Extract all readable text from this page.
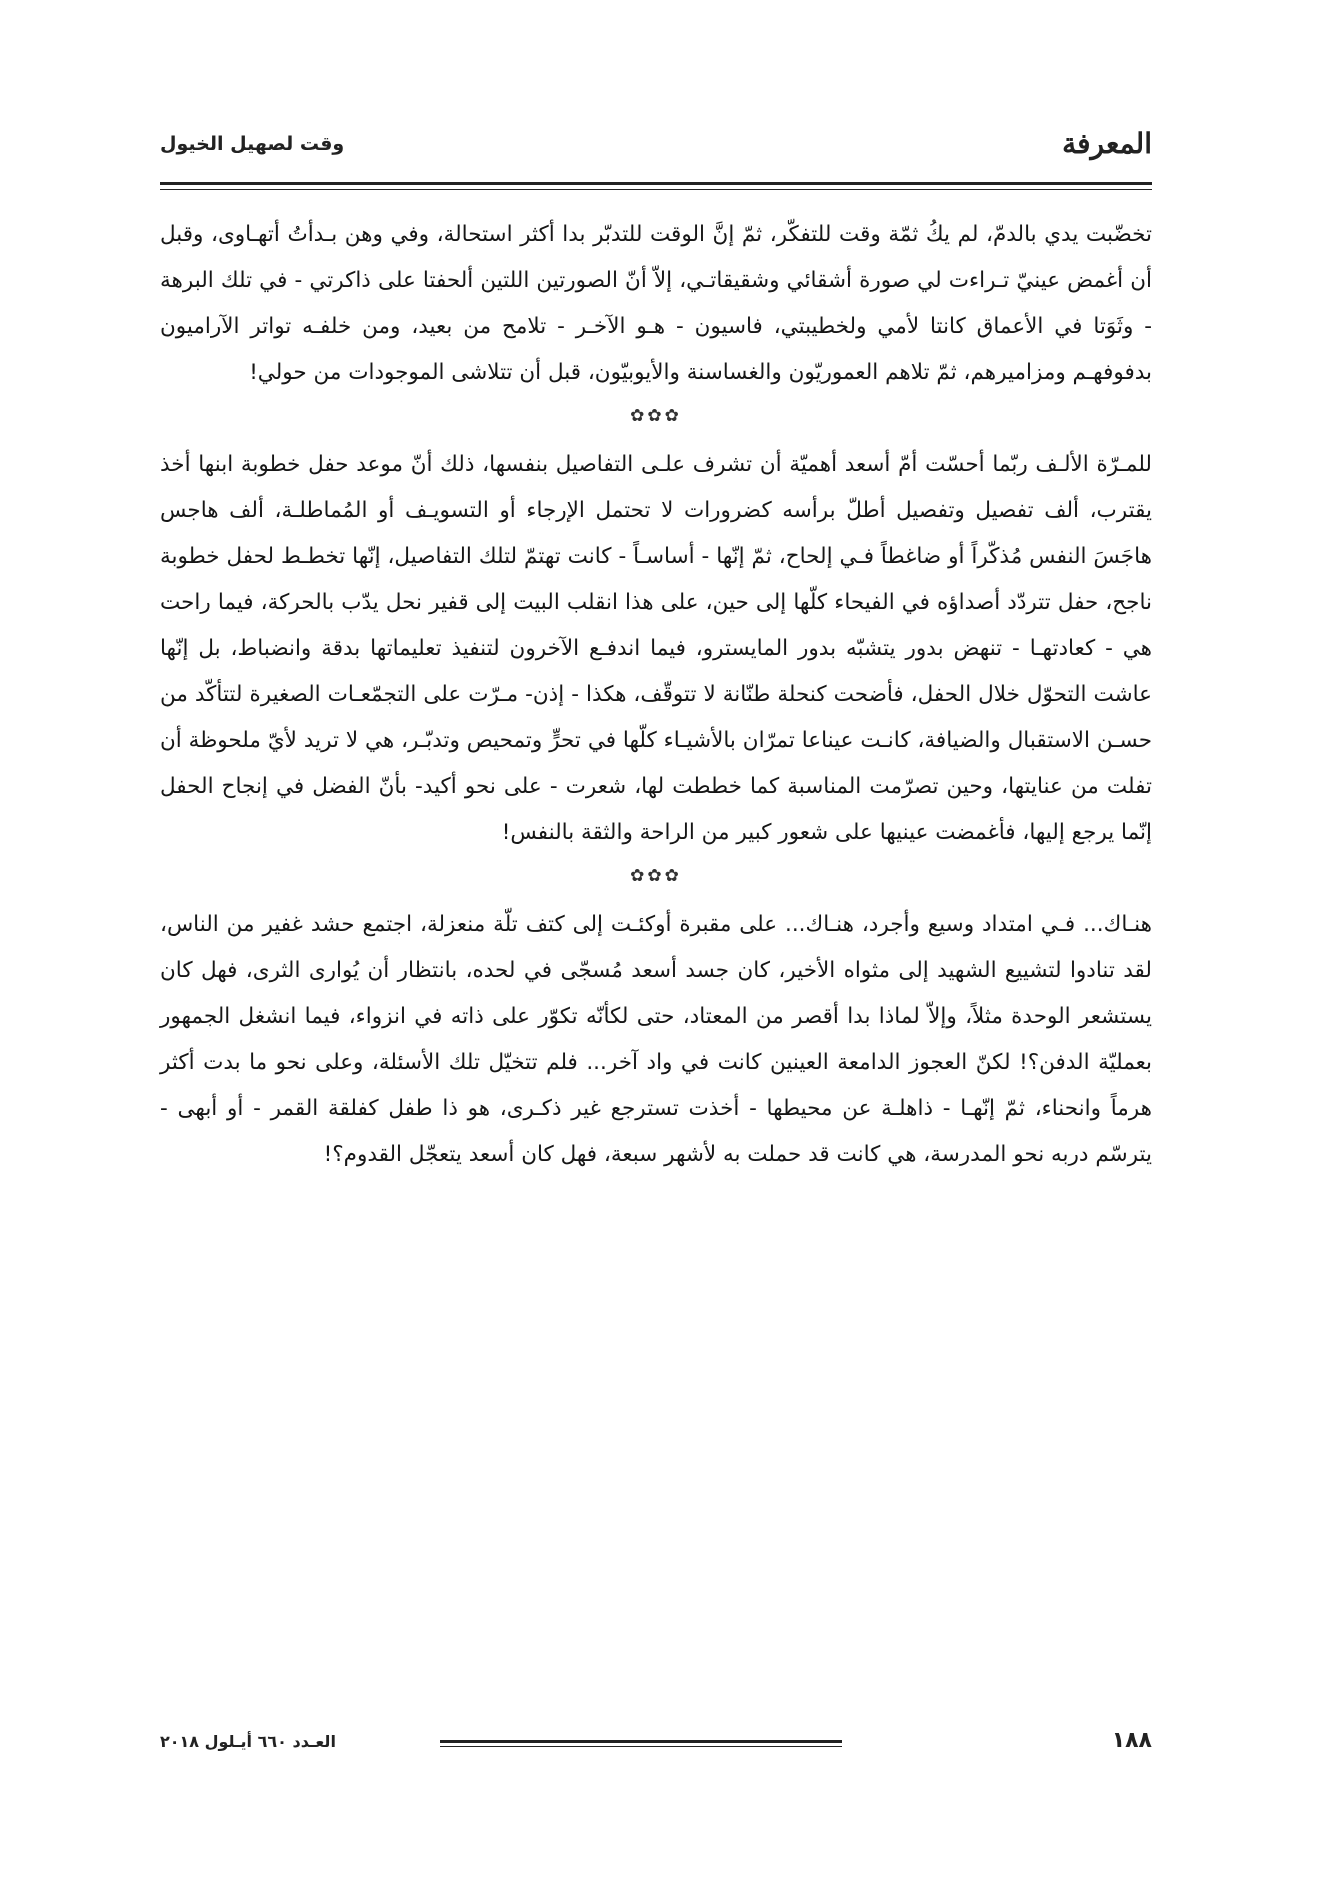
المعرفة
وقت لصهيل الخيول

تخضّبت يدي بالدمّ، لم يكُ ثمّة وقت للتفكّر، ثمّ إنَّ الوقت للتدبّر بدا أكثر استحالة، وفي وهن بـدأتُ أتهـاوى، وقبل أن أغمض عينيّ تـراءت لي صورة أشقائي وشقيقاتـي، إلاّ أنّ الصورتين اللتين ألحفتا على ذاكرتي - في تلك البرهة - وثَوَتا في الأعماق كانتا لأمي ولخطيبتي، فاسيون - هـو الآخـر - تلامح من بعيد، ومن خلفـه تواتر الآراميون بدفوفهـم ومزاميرهم، ثمّ تلاهم العموريّون والغساسنة والأيوبيّون، قبل أن تتلاشى الموجودات من حولي!

✿✿✿

للمـرّة الألـف ربّما أحسّت أمّ أسعد أهميّة أن تشرف علـى التفاصيل بنفسها، ذلك أنّ موعد حفل خطوبة ابنها أخذ يقترب، ألف تفصيل وتفصيل أطلّ برأسه كضرورات لا تحتمل الإرجاء أو التسويـف أو المُماطلـة، ألف هاجس هاجَسَ النفس مُذكّراً أو ضاغطاً فـي إلحاح، ثمّ إنّها - أساسـاً - كانت تهتمّ لتلك التفاصيل، إنّها تخطـط لحفل خطوبة ناجح، حفل تتردّد أصداؤه في الفيحاء كلّها إلى حين، على هذا انقلب البيت إلى قفير نحل يدّب بالحركة، فيما راحت هي - كعادتهـا - تنهض بدور يتشبّه بدور المايسترو، فيما اندفـع الآخرون لتنفيذ تعليماتها بدقة وانضباط، بل إنّها عاشت التحوّل خلال الحفل، فأضحت كنحلة طنّانة لا تتوقّف، هكذا - إذن- مـرّت على التجمّعـات الصغيرة لتتأكّد من حسـن الاستقبال والضيافة، كانـت عيناعا تمرّان بالأشيـاء كلّها في تحرٍّ وتمحيص وتدبّـر، هي لا تريد لأيّ ملحوظة أن تفلت من عنايتها، وحين تصرّمت المناسبة كما خططت لها، شعرت - على نحو أكيد- بأنّ الفضل في إنجاح الحفل إنّما يرجع إليها، فأغمضت عينيها على شعور كبير من الراحة والثقة بالنفس!

✿✿✿

هنـاك... فـي امتداد وسيع وأجرد، هنـاك... على مقبرة أوكئـت إلى كتف تلّة منعزلة، اجتمع حشد غفير من الناس، لقد تنادوا لتشييع الشهيد إلى مثواه الأخير، كان جسد أسعد مُسجّى في لحده، بانتظار أن يُوارى الثرى، فهل كان يستشعر الوحدة مثلاً، وإلاّ لماذا بدا أقصر من المعتاد، حتى لكأنّه تكوّر على ذاته في انزواء، فيما انشغل الجمهور بعمليّة الدفن؟! لكنّ العجوز الدامعة العينين كانت في واد آخر... فلم تتخيّل تلك الأسئلة، وعلى نحو ما بدت أكثر هرماً وانحناء، ثمّ إنّهـا - ذاهلـة عن محيطها - أخذت تسترجع غير ذكـرى، هو ذا طفل كفلقة القمر - أو أبهى - يترسّم دربه نحو المدرسة، هي كانت قد حملت به لأشهر سبعة، فهل كان أسعد يتعجّل القدوم؟!

١٨٨
العـدد ٦٦٠ أيـلول ٢٠١٨
